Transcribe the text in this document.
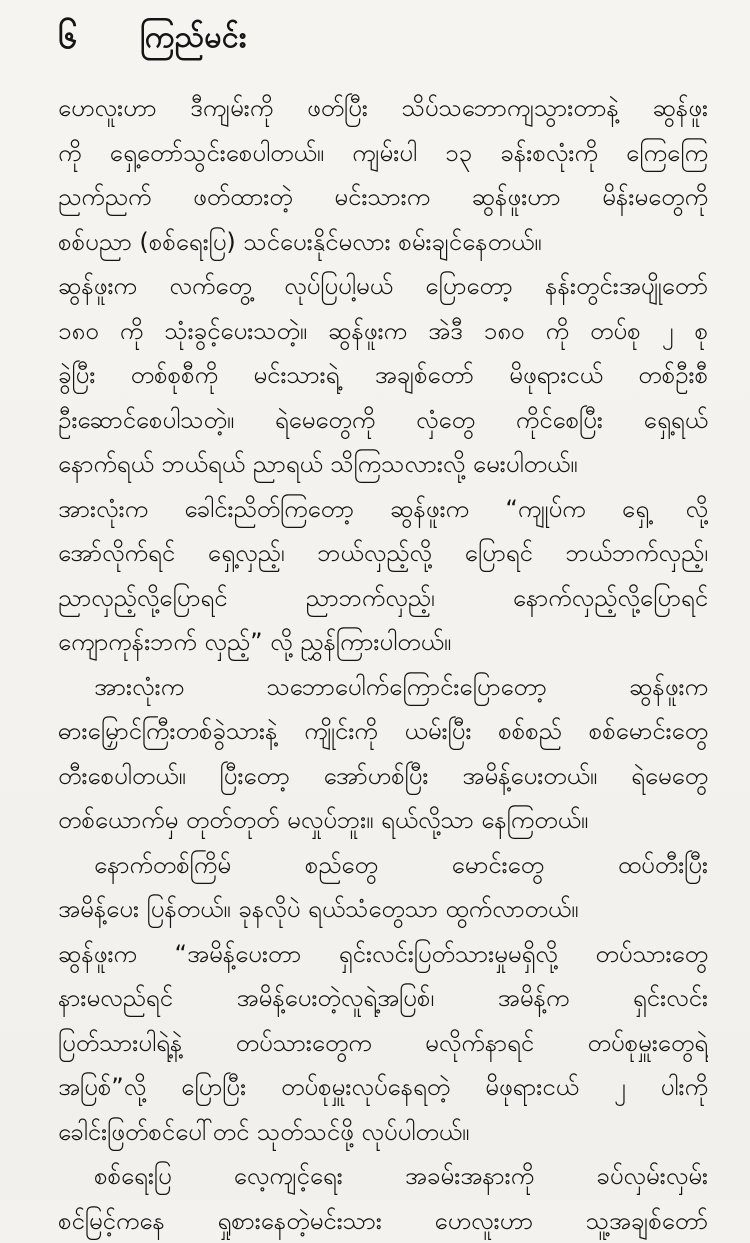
၆	ကြည်မင်း
ဟေလူးဟာ ဒီကျမ်းကို ဖတ်ပြီး သိပ်သဘောကျသွားတာနဲ့ ဆွန်ဖူး
ကို ရှေ့တော်သွင်းစေပါတယ်။ ကျမ်းပါ ၁၃ ခန်းစလုံးကို ကြေကြေ
ညက်ညက် ဖတ်ထားတဲ့ မင်းသားက ဆွန်ဖူးဟာ မိန်းမတွေကို
စစ်ပညာ (စစ်ရေးပြ) သင်ပေးနိုင်မလား စမ်းချင်နေတယ်။
ဆွန်ဖူးက လက်တွေ့ လုပ်ပြပါ့မယ် ပြောတော့ နန်းတွင်းအပျိုတော်
၁၈၀ ကို သုံးခွင့်ပေးသတဲ့။ ဆွန်ဖူးက အဲဒီ ၁၈၀ ကို တပ်စု ၂ စု
ခွဲပြီး တစ်စုစီကို မင်းသားရဲ့ အချစ်တော် မိဖုရားငယ် တစ်ဦးစီ
ဦးဆောင်စေပါသတဲ့။ ရဲမေတွေကို လှံတွေ ကိုင်စေပြီး ရှေ့ရယ်
နောက်ရယ် ဘယ်ရယ် ညာရယ် သိကြသလားလို့ မေးပါတယ်။
အားလုံးက ခေါင်းညိတ်ကြတော့ ဆွန်ဖူးက “ကျုပ်က ရှေ့ လို့
အော်လိုက်ရင် ရှေ့လှည့်၊ ဘယ်လှည့်လို့ ပြောရင် ဘယ်ဘက်လှည့်၊
ညာလှည့်လို့ပြောရင် ညာဘက်လှည့်၊ နောက်လှည့်လို့ပြောရင်
ကျောကုန်းဘက် လှည့်” လို့ ညွှန်ကြားပါတယ်။
အားလုံးက သဘောပေါက်ကြောင်းပြောတော့ ဆွန်ဖူးက
ဓားမြှောင်ကြီးတစ်ခွဲသားနဲ့ ကျိုင်းကို ယမ်းပြီး စစ်စည် စစ်မောင်းတွေ
တီးစေပါတယ်။ ပြီးတော့ အော်ဟစ်ပြီး အမိန့်ပေးတယ်။ ရဲမေတွေ
တစ်ယောက်မှ တုတ်တုတ် မလှုပ်ဘူး။ ရယ်လို့သာ နေကြတယ်။
နောက်တစ်ကြိမ် စည်တွေ မောင်းတွေ ထပ်တီးပြီး
အမိန့်ပေး ပြန်တယ်။ ခုနလိုပဲ ရယ်သံတွေသာ ထွက်လာတယ်။
ဆွန်ဖူးက “အမိန့်ပေးတာ ရှင်းလင်းပြတ်သားမှုမရှိလို့ တပ်သားတွေ
နားမလည်ရင် အမိန့်ပေးတဲ့လူရဲ့အပြစ်၊ အမိန့်က ရှင်းလင်း
ပြတ်သားပါရဲ့နဲ့ တပ်သားတွေက မလိုက်နာရင် တပ်စုမှူးတွေရဲ့
အပြစ်”လို့ ပြောပြီး တပ်စုမှူးလုပ်နေရတဲ့ မိဖုရားငယ် ၂ ပါးကို
ခေါင်းဖြတ်စင်ပေါ်တင် သုတ်သင်ဖို့ လုပ်ပါတယ်။
စစ်ရေးပြ လေ့ကျင့်ရေး အခမ်းအနားကို ခပ်လှမ်းလှမ်း
စင်မြင့်ကနေ ရှုစားနေတဲ့မင်းသား ဟေလူးဟာ သူ့အချစ်တော်
